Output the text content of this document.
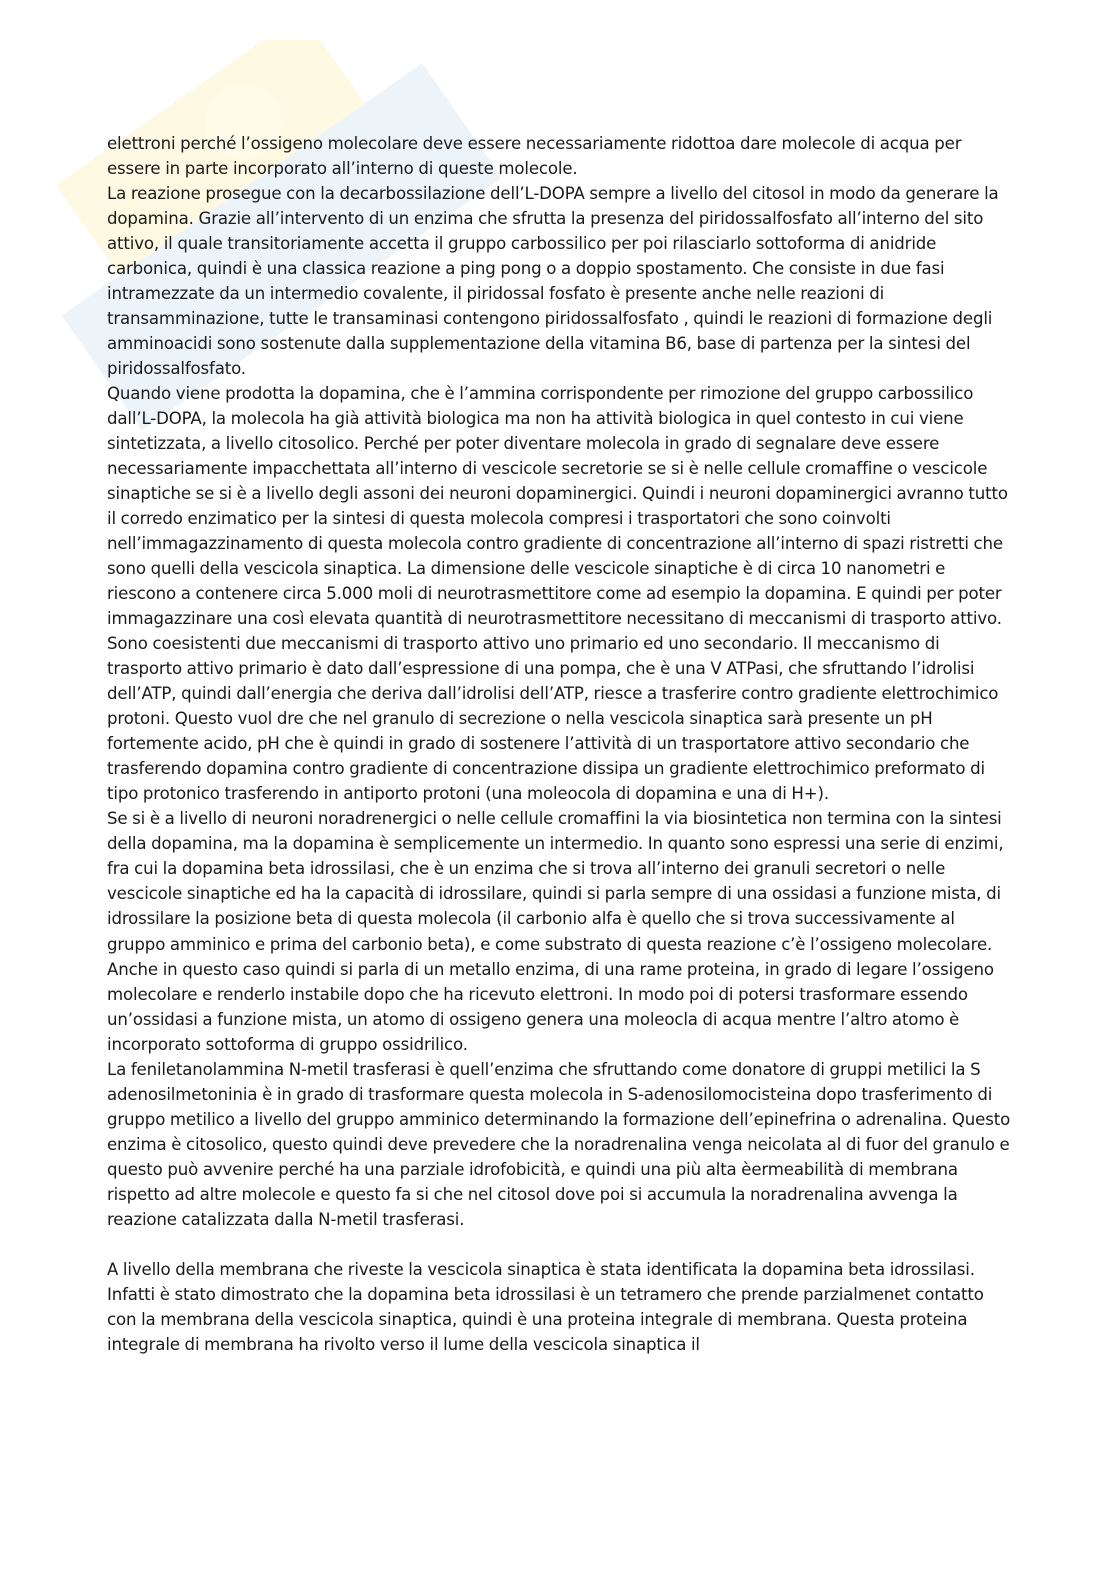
elettroni perché l’ossigeno molecolare deve essere necessariamente ridottoa dare molecole di acqua per essere in parte incorporato all’interno di queste molecole.

La reazione prosegue con la decarbossilazione dell’L-DOPA sempre a livello del citosol in modo da generare la dopamina. Grazie all’intervento di un enzima che sfrutta la presenza del piridossalfosfato all’interno del sito attivo, il quale transitoriamente accetta il gruppo carbossilico per poi rilasciarlo sottoforma di anidride carbonica, quindi è una classica reazione a ping pong o a doppio spostamento. Che consiste in due fasi intramezzate da un intermedio covalente, il piridossal fosfato è presente anche nelle reazioni di transamminazione, tutte le transaminasi contengono piridossalfosfato , quindi le reazioni di formazione degli amminoacidi sono sostenute dalla supplementazione della vitamina B6, base di partenza per la sintesi del piridossalfosfato.

Quando viene prodotta la dopamina, che è l’ammina corrispondente per rimozione del gruppo carbossilico dall’L-DOPA, la molecola ha già attività biologica ma non ha attività biologica in quel contesto in cui viene sintetizzata, a livello citosolico. Perché per poter diventare molecola in grado di segnalare deve essere necessariamente impacchettata all’interno di vescicole secretorie se si è nelle cellule cromaffine o vescicole sinaptiche se si è a livello degli assoni dei neuroni dopaminergici. Quindi i neuroni dopaminergici avranno tutto il corredo enzimatico per la sintesi di questa molecola compresi i trasportatori che sono coinvolti nell’immagazzinamento di questa molecola contro gradiente di concentrazione all’interno di spazi ristretti che sono quelli della vescicola sinaptica. La dimensione delle vescicole sinaptiche è di circa 10 nanometri e riescono a contenere circa 5.000 moli di neurotrasmettitore come ad esempio la dopamina. E quindi per poter immagazzinare una così elevata quantità di neurotrasmettitore necessitano di meccanismi di trasporto attivo. Sono coesistenti due meccanismi di trasporto attivo uno primario ed uno secondario. Il meccanismo di trasporto attivo primario è dato dall’espressione di una pompa, che è una V ATPasi, che sfruttando l’idrolisi dell’ATP, quindi dall’energia che deriva dall’idrolisi dell’ATP, riesce a trasferire contro gradiente elettrochimico protoni. Questo vuol dre che nel granulo di secrezione o nella vescicola sinaptica sarà presente un pH fortemente acido, pH che è quindi in grado di sostenere l’attività di un trasportatore attivo secondario che trasferendo dopamina contro gradiente di concentrazione dissipa un gradiente elettrochimico preformato di tipo protonico trasferendo in antiporto protoni (una moleocola di dopamina e una di H+).

Se si è a livello di neuroni noradrenergici o nelle cellule cromaffini la via biosintetica non termina con la sintesi della dopamina, ma la dopamina è semplicemente un intermedio. In quanto sono espressi una serie di enzimi, fra cui la dopamina beta idrossilasi, che è un enzima che si trova all’interno dei granuli secretori o nelle vescicole sinaptiche ed ha la capacità di idrossilare, quindi si parla sempre di una ossidasi a funzione mista, di idrossilare la posizione beta di questa molecola (il carbonio alfa è quello che si trova successivamente al gruppo amminico e prima del carbonio beta), e come substrato di questa reazione c’è l’ossigeno molecolare. Anche in questo caso quindi si parla di un metallo enzima, di una rame proteina, in grado di legare l’ossigeno molecolare e renderlo instabile dopo che ha ricevuto elettroni. In modo poi di potersi trasformare essendo un’ossidasi a funzione mista, un atomo di ossigeno genera una moleocla di acqua mentre l’altro atomo è incorporato sottoforma di gruppo ossidrilico.

La feniletanolammina N-metil trasferasi è quell’enzima che sfruttando come donatore di gruppi metilici la S adenosilmetoninia è in grado di trasformare questa molecola in S-adenosilomocisteina dopo trasferimento di gruppo metilico a livello del gruppo amminico determinando la formazione dell’epinefrina o adrenalina. Questo enzima è citosolico, questo quindi deve prevedere che la noradrenalina venga neicolata al di fuor del granulo e questo può avvenire perché ha una parziale idrofobicità, e quindi una più alta èermeabilità di membrana rispetto ad altre molecole e questo fa si che nel citosol dove poi si accumula la noradrenalina avvenga la reazione catalizzata dalla N-metil trasferasi.

A livello della membrana che riveste la vescicola sinaptica è stata identificata la dopamina beta idrossilasi. Infatti è stato dimostrato che la dopamina beta idrossilasi è un tetramero che prende parzialmenet contatto con la membrana della vescicola sinaptica, quindi è una proteina integrale di membrana. Questa proteina integrale di membrana ha rivolto verso il lume della vescicola sinaptica il
